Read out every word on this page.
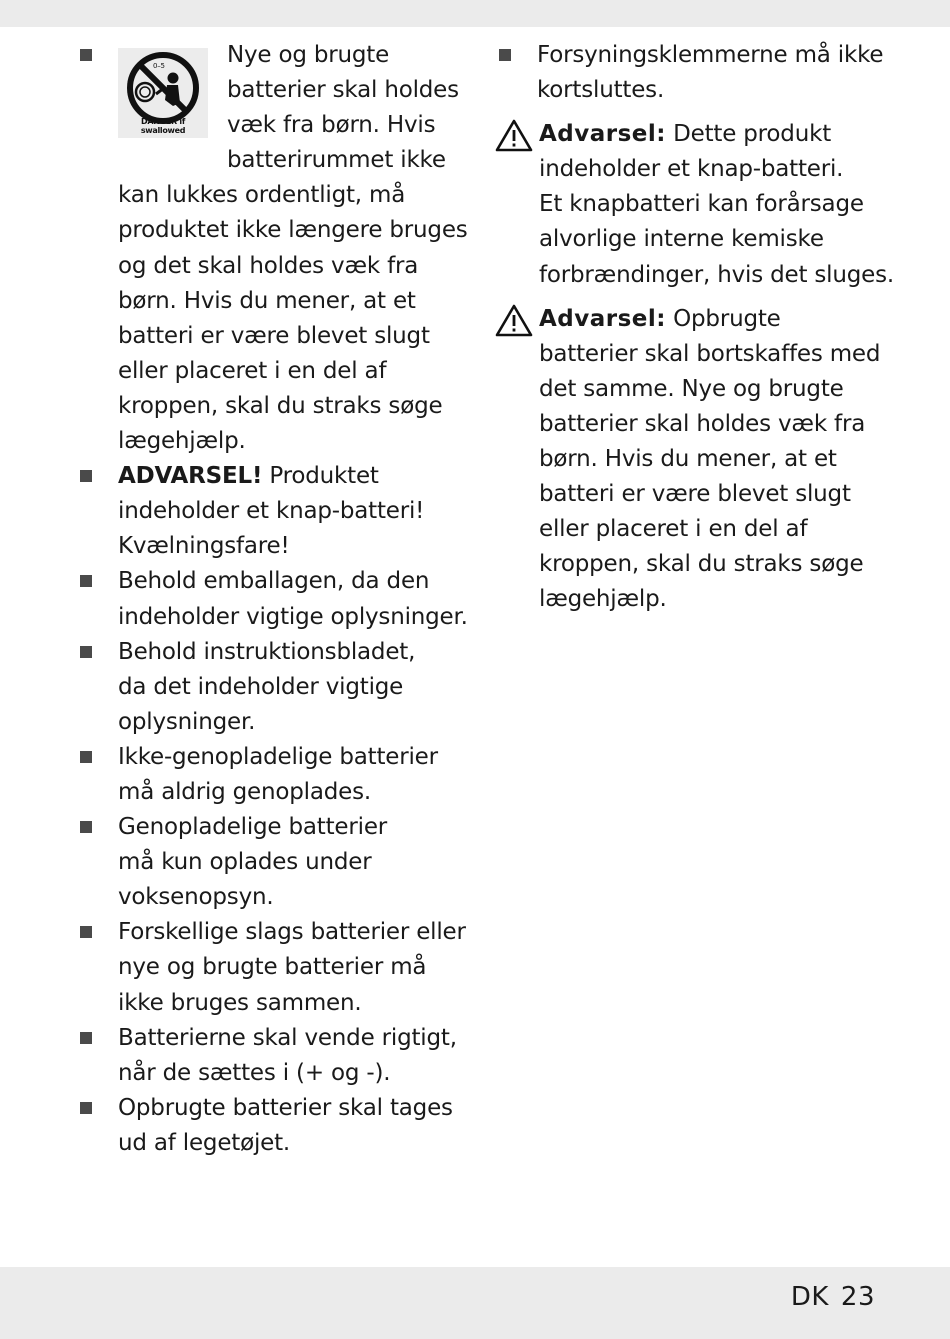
0–5
DANGER if swallowed
Nye og brugte
batterier skal holdes
væk fra børn. Hvis
batterirummet ikke
kan lukkes ordentligt, må
produktet ikke længere bruges
og det skal holdes væk fra
børn. Hvis du mener, at et
batteri er være blevet slugt
eller placeret i en del af
kroppen, skal du straks søge
lægehjælp.
ADVARSEL! Produktet
indeholder et knap-batteri!
Kvælningsfare!
Behold emballagen, da den
indeholder vigtige oplysninger.
Behold instruktionsbladet,
da det indeholder vigtige
oplysninger.
Ikke-genopladelige batterier
må aldrig genoplades.
Genopladelige batterier
må kun oplades under
voksenopsyn.
Forskellige slags batterier eller
nye og brugte batterier må
ikke bruges sammen.
Batterierne skal vende rigtigt,
når de sættes i (+ og -).
Opbrugte batterier skal tages
ud af legetøjet.
Forsyningsklemmerne må ikke
kortsluttes.
Advarsel: Dette produkt
indeholder et knap-batteri.
Et knapbatteri kan forårsage
alvorlige interne kemiske
forbrændinger, hvis det sluges.
Advarsel: Opbrugte
batterier skal bortskaffes med
det samme. Nye og brugte
batterier skal holdes væk fra
børn. Hvis du mener, at et
batteri er være blevet slugt
eller placeret i en del af
kroppen, skal du straks søge
lægehjælp.
DK 23
